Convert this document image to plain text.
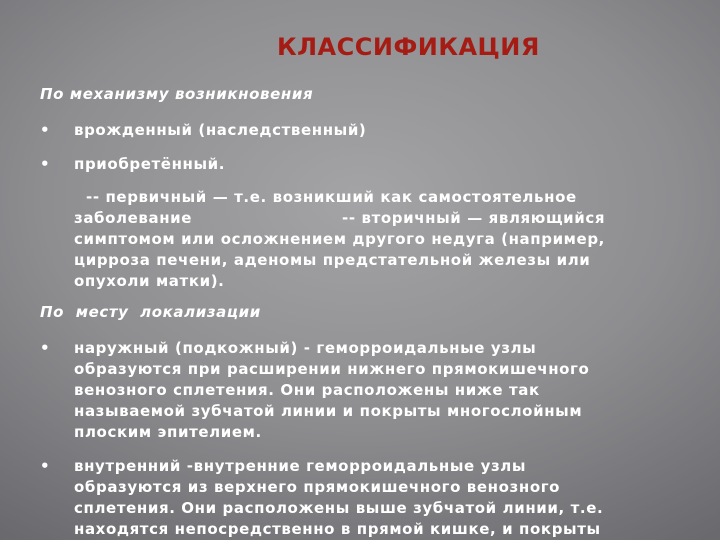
КЛАССИФИКАЦИЯ
По механизму возникновения
• врожденный (наследственный)
• приобретённый.
-- первичный — т.е. возникший как самостоятельное
заболевание	-- вторичный — являющийся
симптомом или осложнением другого недуга (например,
цирроза печени, аденомы предстательной железы или
опухоли матки).
По  месту  локализации
• наружный (подкожный) - геморроидальные узлы
образуются при расширении нижнего прямокишечного
венозного сплетения. Они расположены ниже так
называемой зубчатой линии и покрыты многослойным
плоским эпителием.
• внутренний -внутренние геморроидальные узлы
образуются из верхнего прямокишечного венозного
сплетения. Они расположены выше зубчатой линии, т.е.
находятся непосредственно в прямой кишке, и покрыты
